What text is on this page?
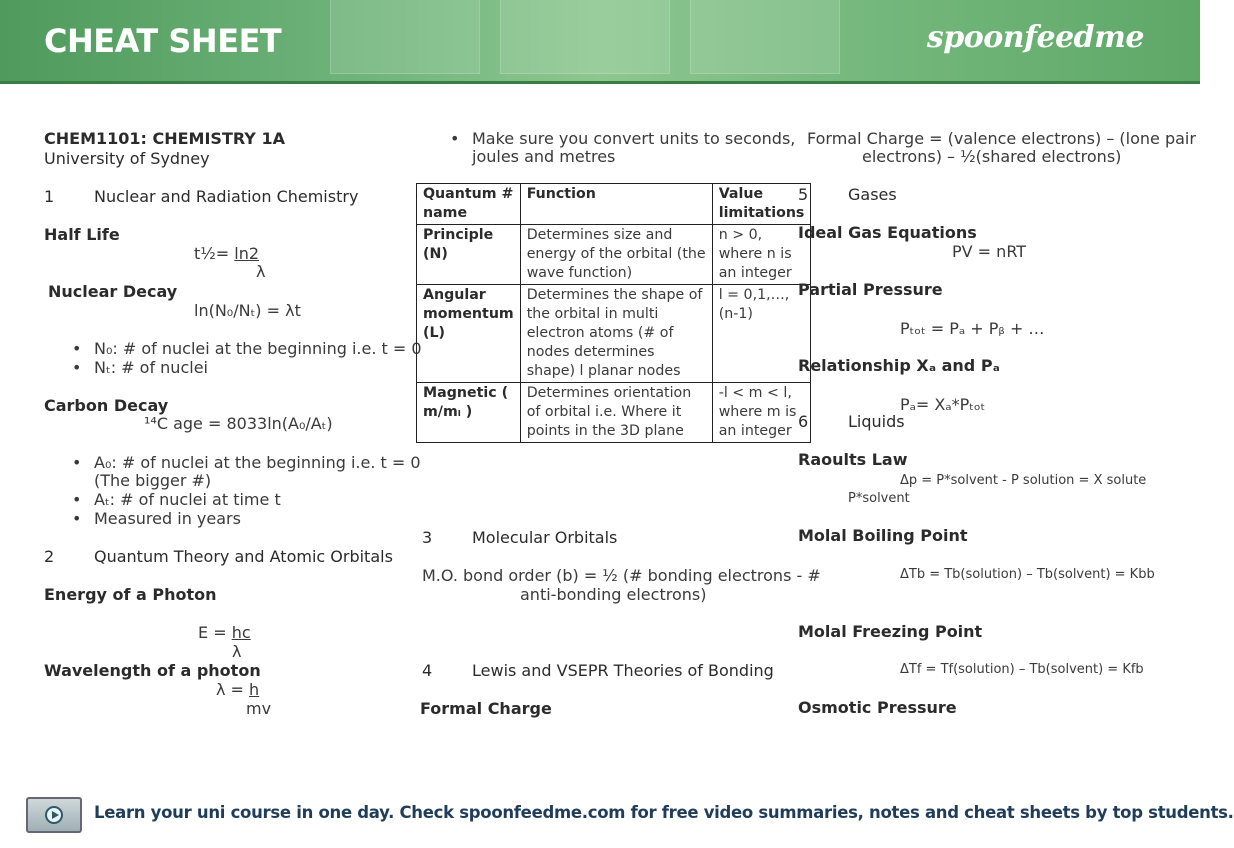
CHEAT SHEET	spoonfeedme
CHEM1101: CHEMISTRY 1A
University of Sydney
1 Nuclear and Radiation Chemistry
Half Life
t½= ln2
λ
Nuclear Decay
ln(N₀/Nₜ) = λt
• N₀: # of nuclei at the beginning i.e. t = 0
• Nₜ: # of nuclei
Carbon Decay
¹⁴C age = 8033ln(A₀/Aₜ)
• A₀: # of nuclei at the beginning i.e. t = 0
(The bigger #)
• Aₜ: # of nuclei at time t
• Measured in years
2 Quantum Theory and Atomic Orbitals
Energy of a Photon
E = hc
λ
Wavelength of a photon
λ = h
mv
• Make sure you convert units to seconds,
joules and metres
Quantum # name	Function	Value limitations
Principle (N)	Determines size and energy of the orbital (the wave function)	n > 0, where n is an integer
Angular momentum (L)	Determines the shape of the orbital in multi electron atoms (# of nodes determines shape) l planar nodes	l = 0,1,…, (n-1)
Magnetic ( m/mₗ )	Determines orientation of orbital i.e. Where it points in the 3D plane	-l < m < l, where m is an integer
3 Molecular Orbitals
M.O. bond order (b) = ½ (# bonding electrons - #
anti-bonding electrons)
4 Lewis and VSEPR Theories of Bonding
Formal Charge
Formal Charge = (valence electrons) – (lone pair
electrons) – ½(shared electrons)
5 Gases
Ideal Gas Equations
PV = nRT
Partial Pressure
Pₜₒₜ = Pₐ + Pᵦ + …
Relationship Xₐ and Pₐ
Pₐ= Xₐ*Pₜₒₜ
6 Liquids
Raoults Law
Δp = P*solvent - P solution = X solute
P*solvent
Molal Boiling Point
ΔTb = Tb(solution) – Tb(solvent) = Kbb
Molal Freezing Point
ΔTf = Tf(solution) – Tb(solvent) = Kfb
Osmotic Pressure
Learn your uni course in one day. Check spoonfeedme.com for free video summaries, notes and cheat sheets by top students.
